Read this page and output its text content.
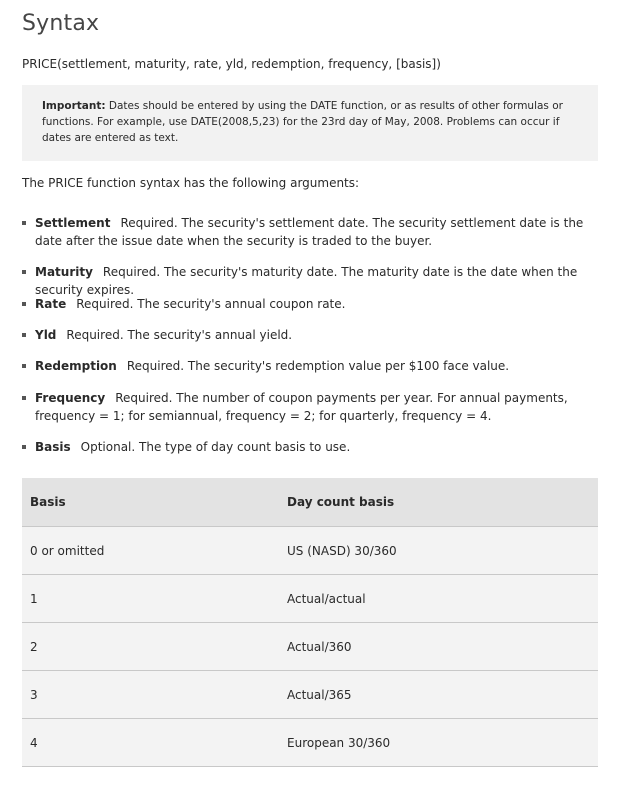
Syntax
PRICE(settlement, maturity, rate, yld, redemption, frequency, [basis])
Important: Dates should be entered by using the DATE function, or as results of other formulas or functions. For example, use DATE(2008,5,23) for the 23rd day of May, 2008. Problems can occur if dates are entered as text.
The PRICE function syntax has the following arguments:
Settlement Required. The security's settlement date. The security settlement date is the date after the issue date when the security is traded to the buyer.
Maturity Required. The security's maturity date. The maturity date is the date when the security expires.
Rate Required. The security's annual coupon rate.
Yld Required. The security's annual yield.
Redemption Required. The security's redemption value per $100 face value.
Frequency Required. The number of coupon payments per year. For annual payments, frequency = 1; for semiannual, frequency = 2; for quarterly, frequency = 4.
Basis Optional. The type of day count basis to use.
Basis	Day count basis
0 or omitted	US (NASD) 30/360
1	Actual/actual
2	Actual/360
3	Actual/365
4	European 30/360
